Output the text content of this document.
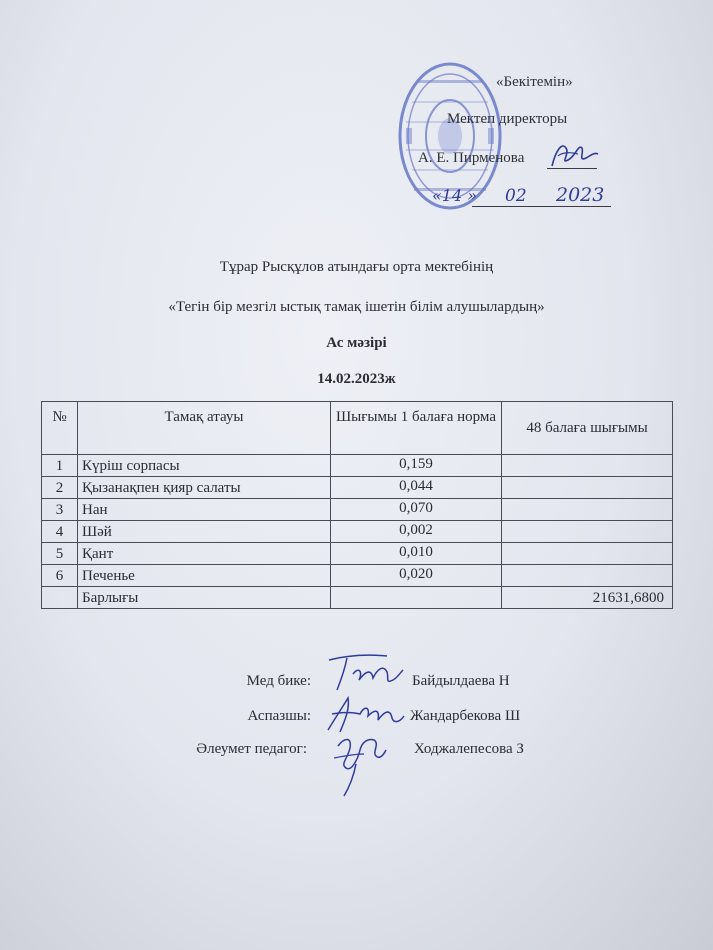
«Бекітемін»
Мектеп директоры
А. Е. Пирменова
«14 » 02 2023
Тұрар Рысқұлов атындағы орта мектебінің
«Тегін бір мезгіл ыстық тамақ ішетін білім алушылардың»
Ас мәзірі
14.02.2023ж
№	Тамақ атауы	Шығымы 1 балаға норма	48 балаға шығымы
1	Күріш сорпасы	0,159	
2	Қызанақпен қияр салаты	0,044	
3	Нан	0,070	
4	Шәй	0,002	
5	Қант	0,010	
6	Печенье	0,020	
	Барлығы		21631,6800
Мед бике:	Байдылдаева Н
Аспазшы:	Жандарбекова Ш
Әлеумет педагог:	Ходжалепесова З
